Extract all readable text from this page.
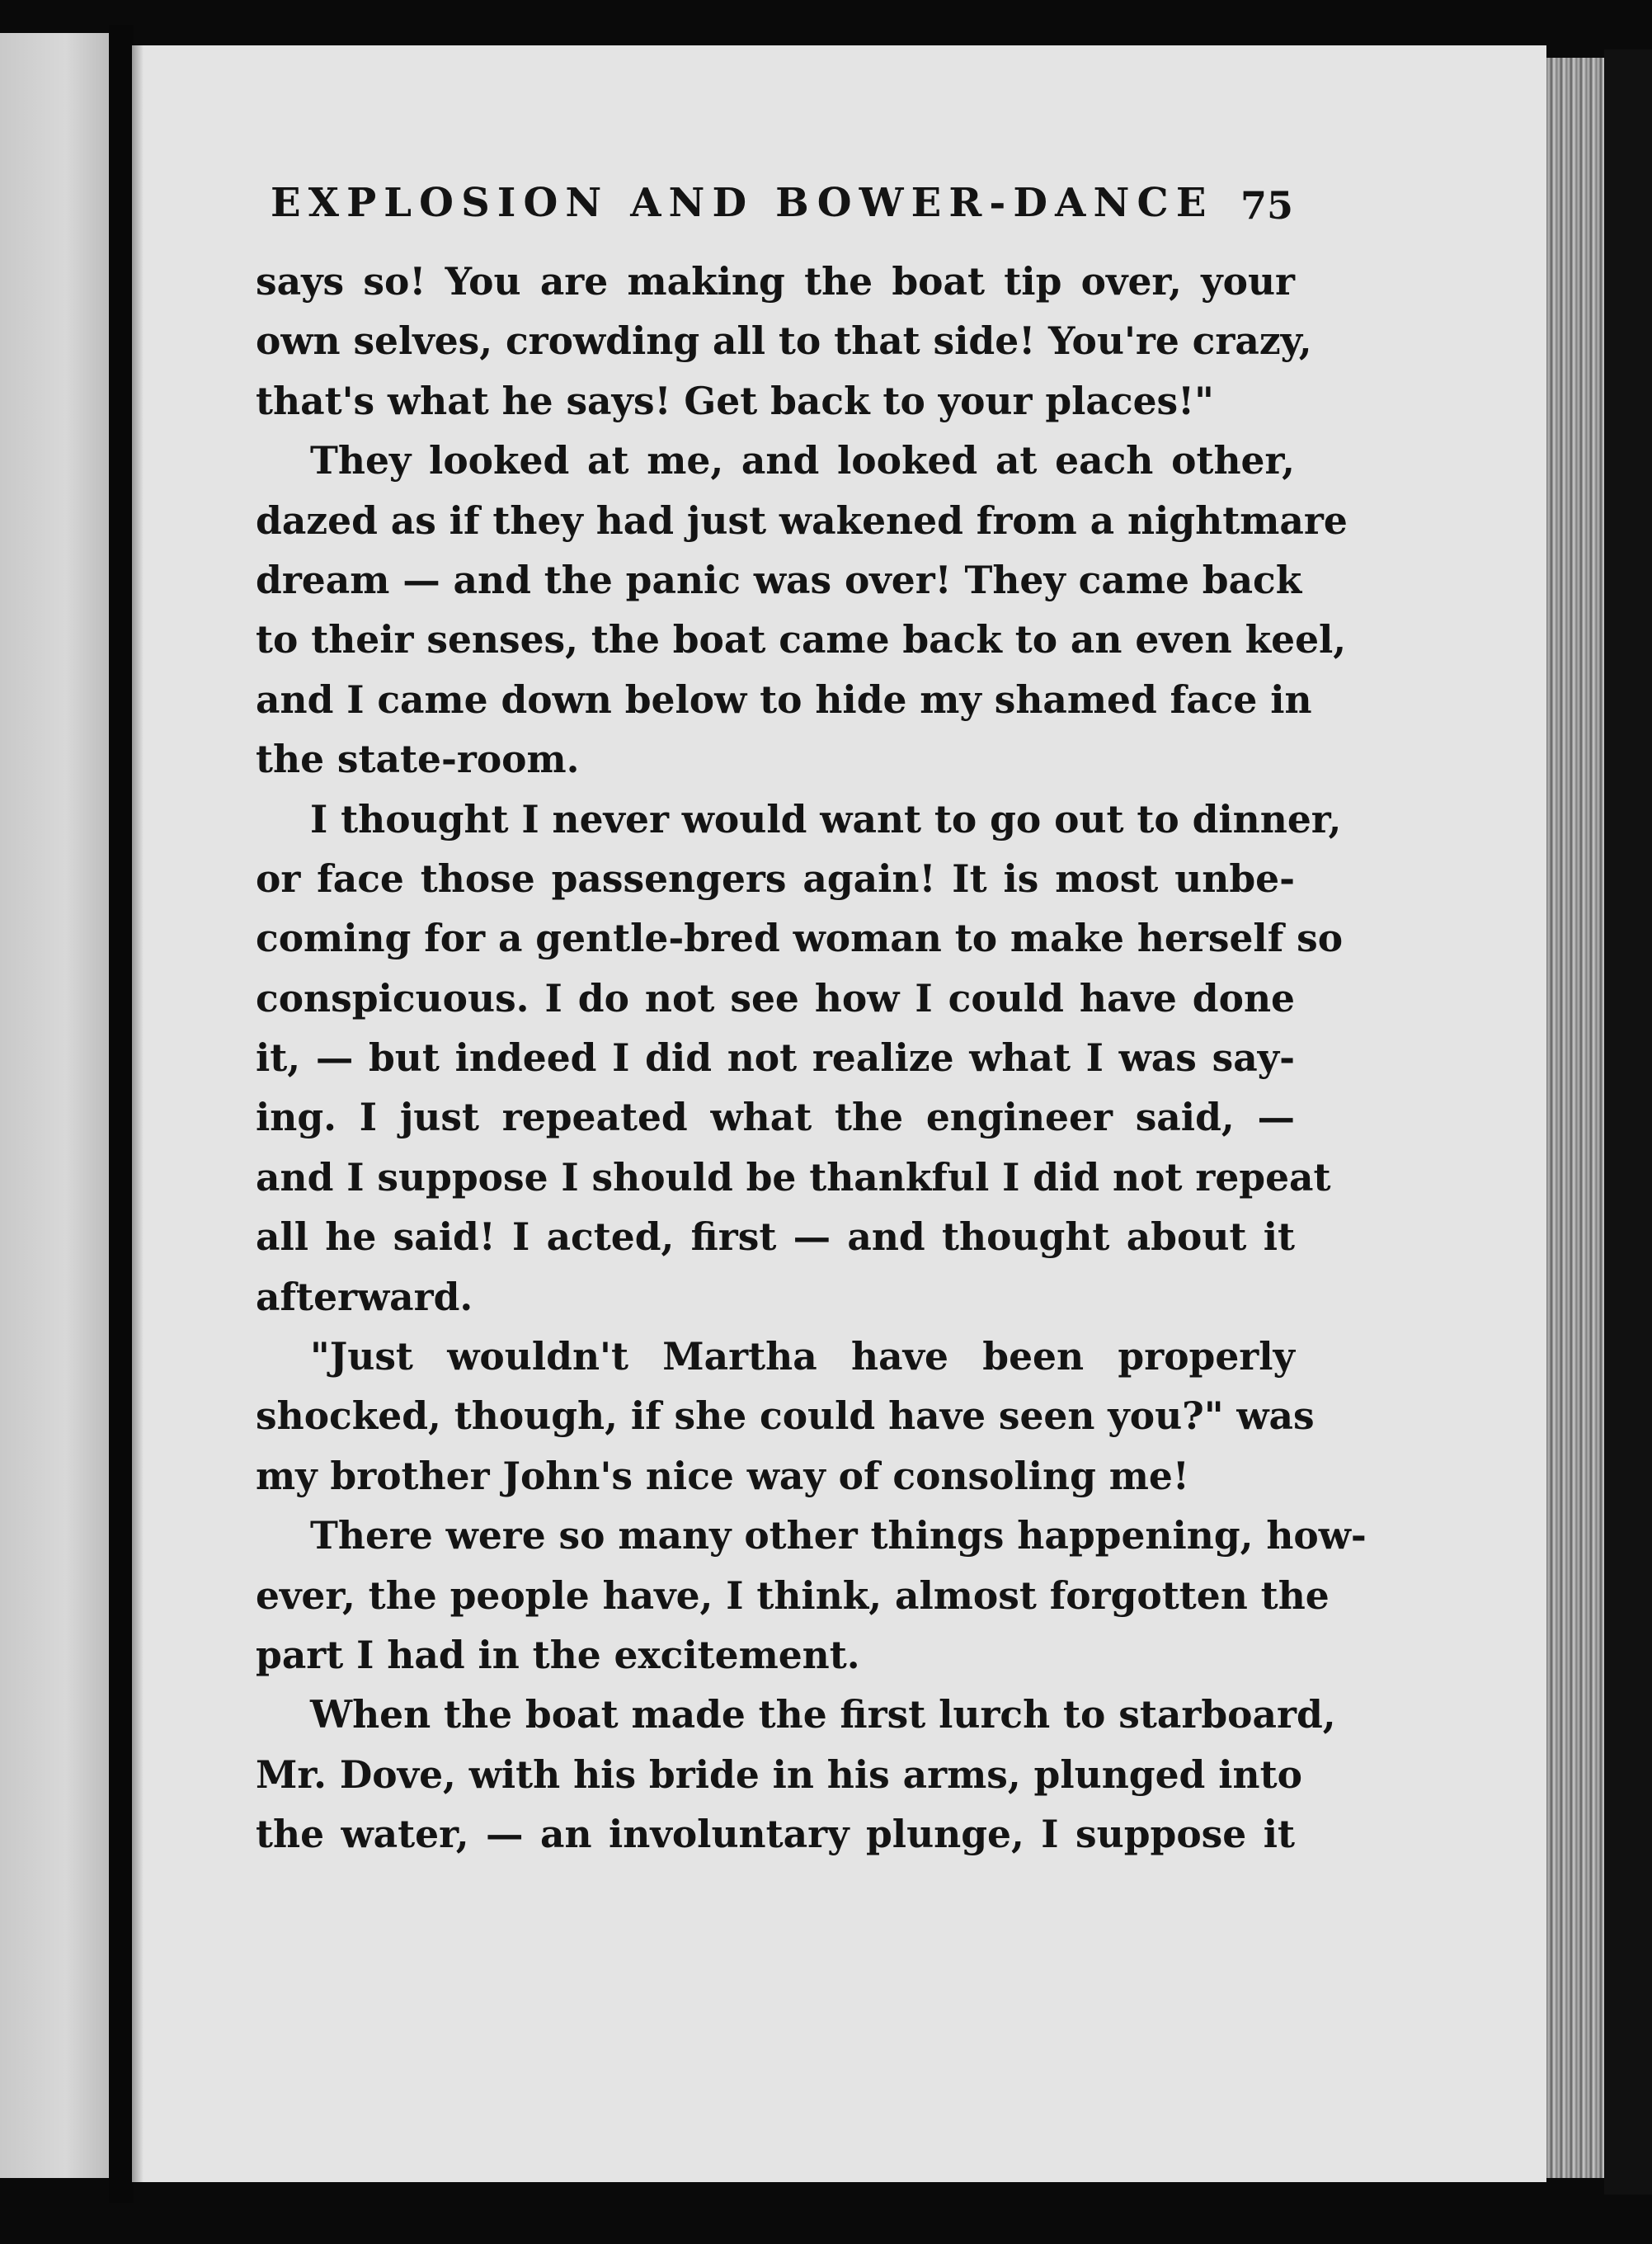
EXPLOSION AND BOWER-DANCE 75
says so! You are making the boat tip over, your
own selves, crowding all to that side! You're crazy,
that's what he says! Get back to your places!"
They looked at me, and looked at each other,
dazed as if they had just wakened from a nightmare
dream — and the panic was over! They came back
to their senses, the boat came back to an even keel,
and I came down below to hide my shamed face in
the state-room.
I thought I never would want to go out to dinner,
or face those passengers again! It is most unbe-
coming for a gentle-bred woman to make herself so
conspicuous. I do not see how I could have done
it, — but indeed I did not realize what I was say-
ing. I just repeated what the engineer said, —
and I suppose I should be thankful I did not repeat
all he said! I acted, first — and thought about it
afterward.
"Just wouldn't Martha have been properly
shocked, though, if she could have seen you?" was
my brother John's nice way of consoling me!
There were so many other things happening, how-
ever, the people have, I think, almost forgotten the
part I had in the excitement.
When the boat made the first lurch to starboard,
Mr. Dove, with his bride in his arms, plunged into
the water, — an involuntary plunge, I suppose it
